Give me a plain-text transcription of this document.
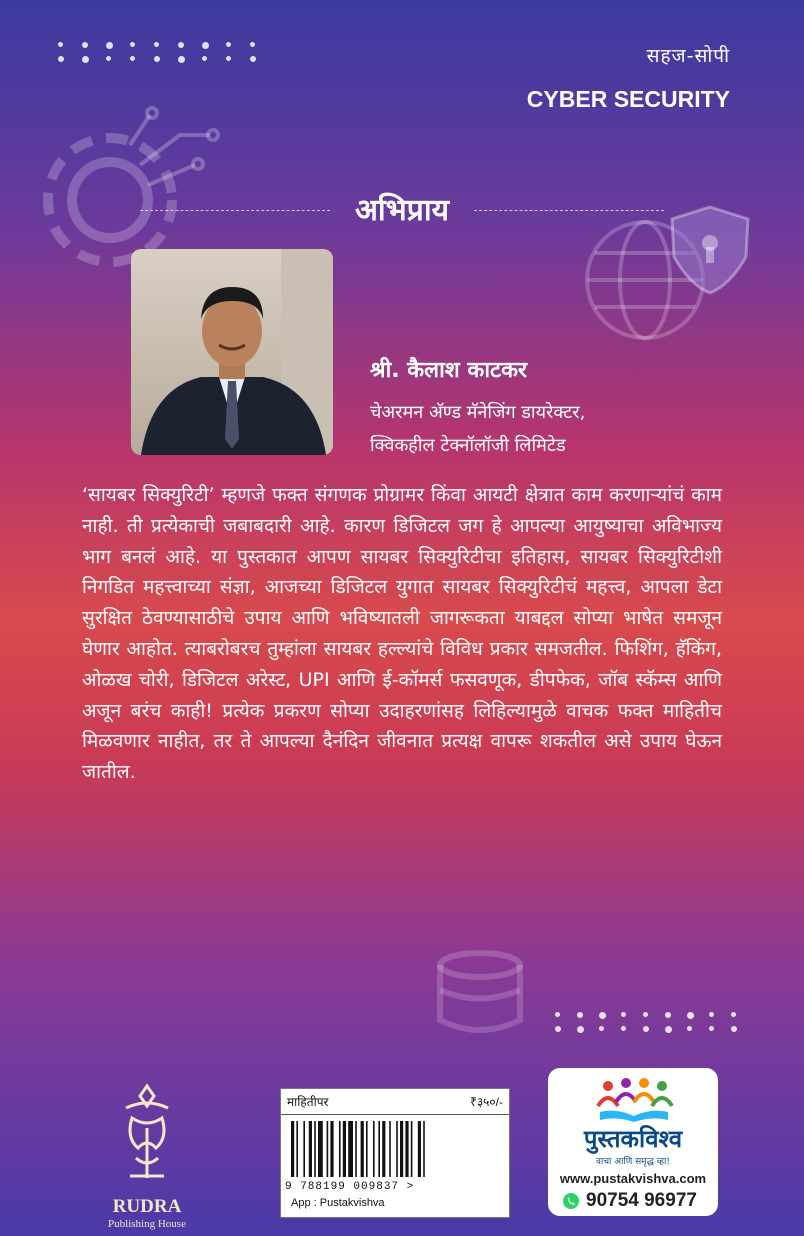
सहज-सोपी
CYBER SECURITY
अभिप्राय
श्री. कैलाश काटकर
चेअरमन अ‍ॅण्ड मॅनेजिंग डायरेक्टर,
क्विकहील टेक्नॉलॉजी लिमिटेड

‘सायबर सिक्युरिटी’ म्हणजे फक्त संगणक प्रोग्रामर किंवा आयटी क्षेत्रात काम करणाऱ्यांचं काम नाही. ती प्रत्येकाची जबाबदारी आहे. कारण डिजिटल जग हे आपल्या आयुष्याचा अविभाज्य भाग बनलं आहे. या पुस्तकात आपण सायबर सिक्युरिटीचा इतिहास, सायबर सिक्युरिटीशी निगडित महत्त्वाच्या संज्ञा, आजच्या डिजिटल युगात सायबर सिक्युरिटीचं महत्त्व, आपला डेटा सुरक्षित ठेवण्यासाठीचे उपाय आणि भविष्यातली जागरूकता याबद्दल सोप्या भाषेत समजून घेणार आहोत. त्याबरोबरच तुम्हांला सायबर हल्ल्यांचे विविध प्रकार समजतील. फिशिंग, हॅकिंग, ओळख चोरी, डिजिटल अरेस्ट, UPI आणि ई-कॉमर्स फसवणूक, डीपफेक, जॉब स्कॅम्स आणि अजून बरंच काही! प्रत्येक प्रकरण सोप्या उदाहरणांसह लिहिल्यामुळे वाचक फक्त माहितीच मिळवणार नाहीत, तर ते आपल्या दैनंदिन जीवनात प्रत्यक्ष वापरू शकतील असे उपाय घेऊन जातील.

RUDRA
Publishing House
माहितीपर	₹३५०/-
9 788199 009837 >
App : Pustakvishva
पुस्तकविश्व
वाचा आणि समृद्ध व्हा!
www.pustakvishva.com
90754 96977
